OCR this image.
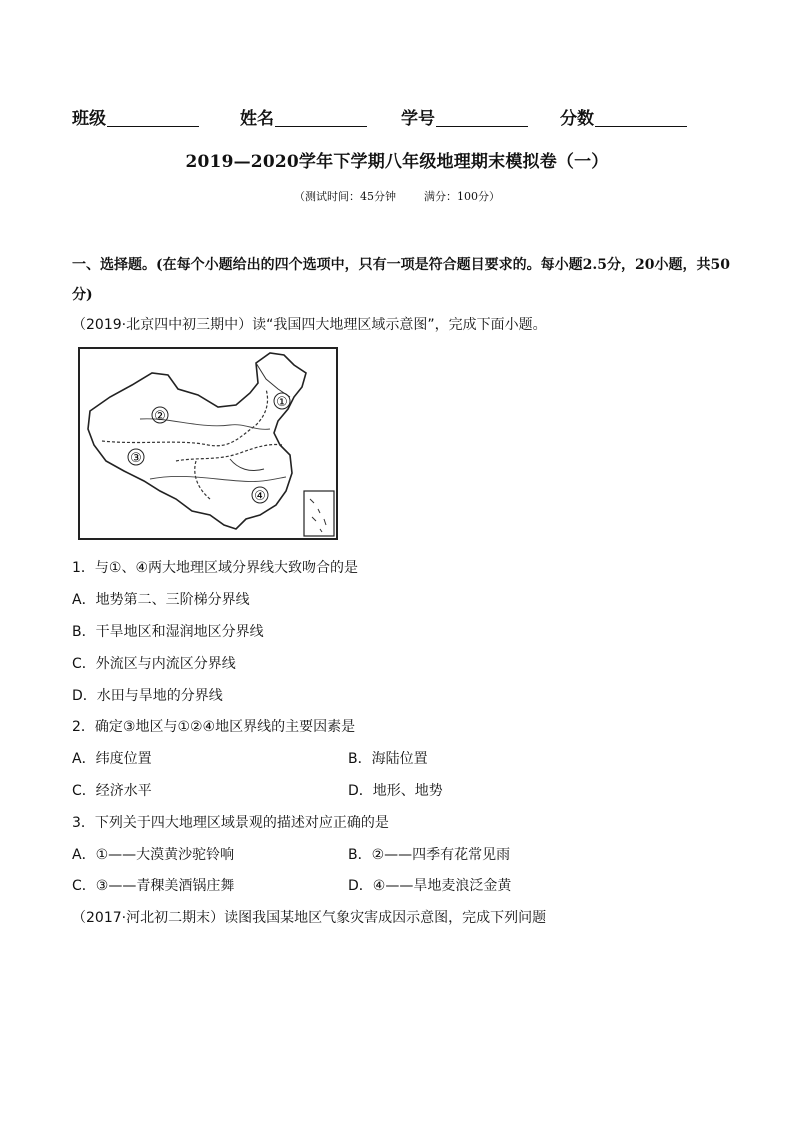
班级	姓名	学号	分数
2019—2020学年下学期八年级地理期末模拟卷（一）
（测试时间：45分钟	满分：100分）
一、选择题。(在每个小题给出的四个选项中，只有一项是符合题目要求的。每小题2.5分，20小题，共50分)
（2019·北京四中初三期中）读“我国四大地理区域示意图”，完成下面小题。
①
②
③
④
1．与①、④两大地理区域分界线大致吻合的是
A．地势第二、三阶梯分界线
B．干旱地区和湿润地区分界线
C．外流区与内流区分界线
D．水田与旱地的分界线
2．确定③地区与①②④地区界线的主要因素是
A．纬度位置	B．海陆位置
C．经济水平	D．地形、地势
3．下列关于四大地理区域景观的描述对应正确的是
A．①——大漠黄沙驼铃响	B．②——四季有花常见雨
C．③——青稞美酒锅庄舞	D．④——旱地麦浪泛金黄
（2017·河北初二期末）读图我国某地区气象灾害成因示意图，完成下列问题
